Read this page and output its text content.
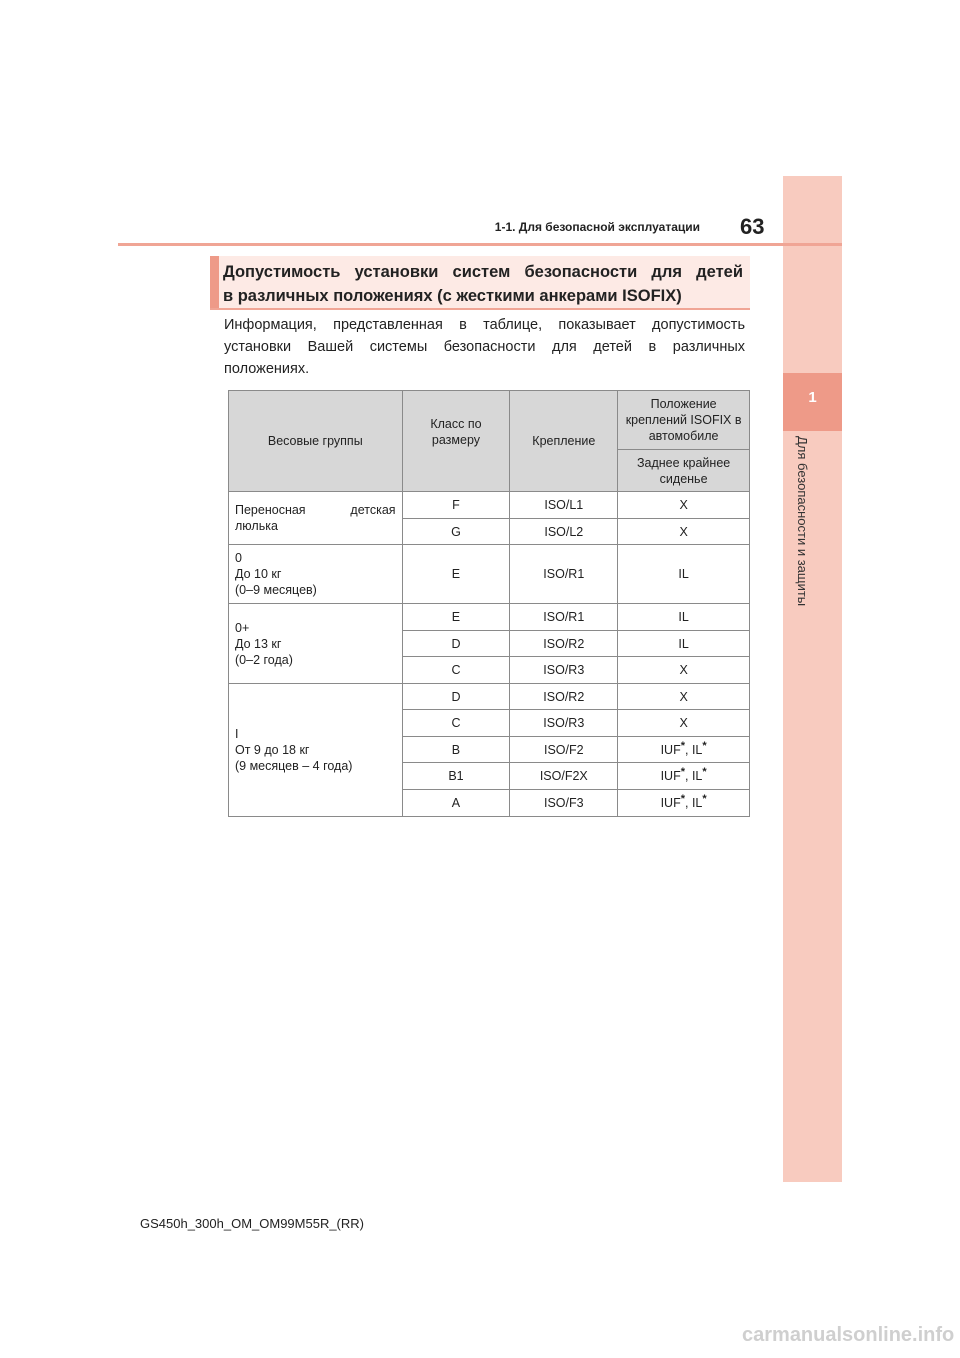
1
Для безопасности и защиты
1-1. Для безопасной эксплуатации 63
Допустимость установки систем безопасности для детей
в различных положениях (с жесткими анкерами ISOFIX)
Информация, представленная в таблице, показывает допустимость установки Вашей системы безопасности для детей в различных положениях.
Весовые группы	Класс по размеру	Крепление	Положение креплений ISOFIX в автомобиле
			Заднее крайнее сиденье

Переносная детская
люлька	F	ISO/L1	X
	G	ISO/L2	X

0
До 10 кг
(0–9 месяцев)	E	ISO/R1	IL

0+
До 13 кг
(0–2 года)	E	ISO/R1	IL
	D	ISO/R2	IL
	C	ISO/R3	X

I
От 9 до 18 кг
(9 месяцев – 4 года)	D	ISO/R2	X
	C	ISO/R3	X
	B	ISO/F2	IUF*, IL*
	B1	ISO/F2X	IUF*, IL*
	A	ISO/F3	IUF*, IL*
GS450h_300h_OM_OM99M55R_(RR)
carmanualsonline.info
